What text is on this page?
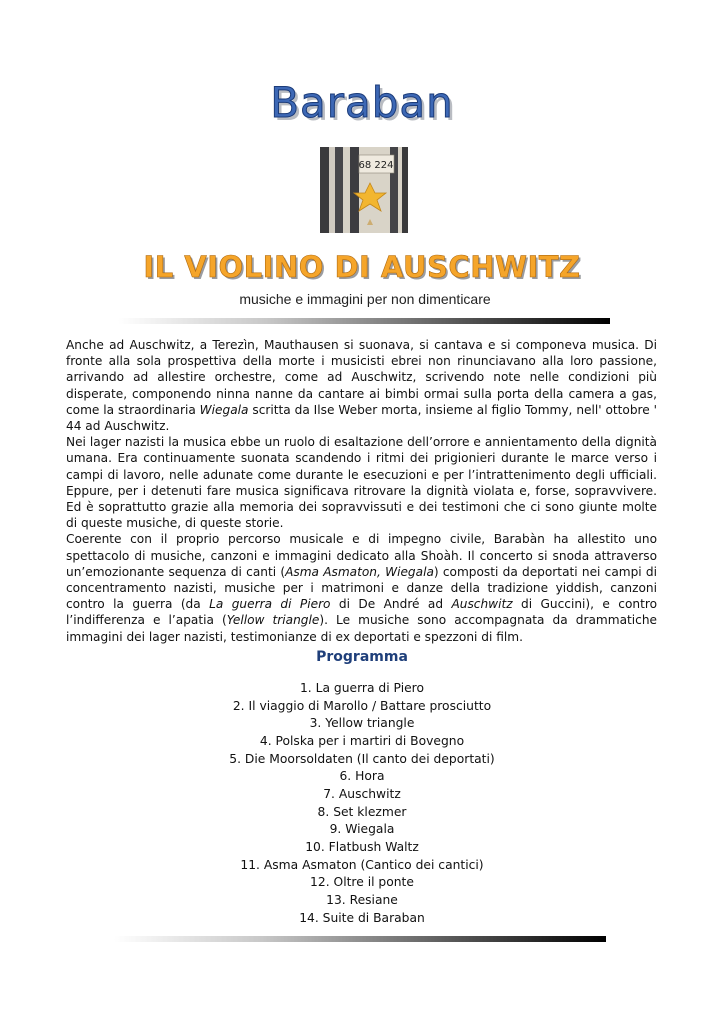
Baraban
68 224
IL VIOLINO DI AUSCHWITZ
musiche e immagini per non dimenticare

Anche ad Auschwitz, a Terezìn, Mauthausen si suonava, si cantava e si componeva musica. Di fronte alla sola prospettiva della morte i musicisti ebrei non rinunciavano alla loro passione, arrivando ad allestire orchestre, come ad Auschwitz, scrivendo note nelle condizioni più disperate, componendo ninna nanne da cantare ai bimbi ormai sulla porta della camera a gas, come la straordinaria Wiegala scritta da Ilse Weber morta, insieme al figlio Tommy, nell' ottobre ' 44 ad Auschwitz.

Nei lager nazisti la musica ebbe un ruolo di esaltazione dell’orrore e annientamento della dignità umana. Era continuamente suonata scandendo i ritmi dei prigionieri durante le marce verso i campi di lavoro, nelle adunate come durante le esecuzioni e per l’intrattenimento degli ufficiali. Eppure, per i detenuti fare musica significava ritrovare la dignità violata e, forse, sopravvivere. Ed è soprattutto grazie alla memoria dei sopravvissuti e dei testimoni che ci sono giunte molte di queste musiche, di queste storie.

Coerente con il proprio percorso musicale e di impegno civile, Barabàn ha allestito uno spettacolo di musiche, canzoni e immagini dedicato alla Shoàh. Il concerto si snoda attraverso un’emozionante sequenza di canti (Asma Asmaton, Wiegala) composti da deportati nei campi di concentramento nazisti, musiche per i matrimoni e danze della tradizione yiddish, canzoni contro la guerra (da La guerra di Piero di De André ad Auschwitz di Guccini), e contro l’indifferenza e l’apatia (Yellow triangle). Le musiche sono accompagnata da drammatiche immagini dei lager nazisti, testimonianze di ex deportati e spezzoni di film.

Programma
1. La guerra di Piero
2. Il viaggio di Marollo / Battare prosciutto
3. Yellow triangle
4. Polska per i martiri di Bovegno
5. Die Moorsoldaten (Il canto dei deportati)
6. Hora
7. Auschwitz
8. Set klezmer
9. Wiegala
10. Flatbush Waltz
11. Asma Asmaton (Cantico dei cantici)
12. Oltre il ponte
13. Resiane
14. Suite di Baraban
